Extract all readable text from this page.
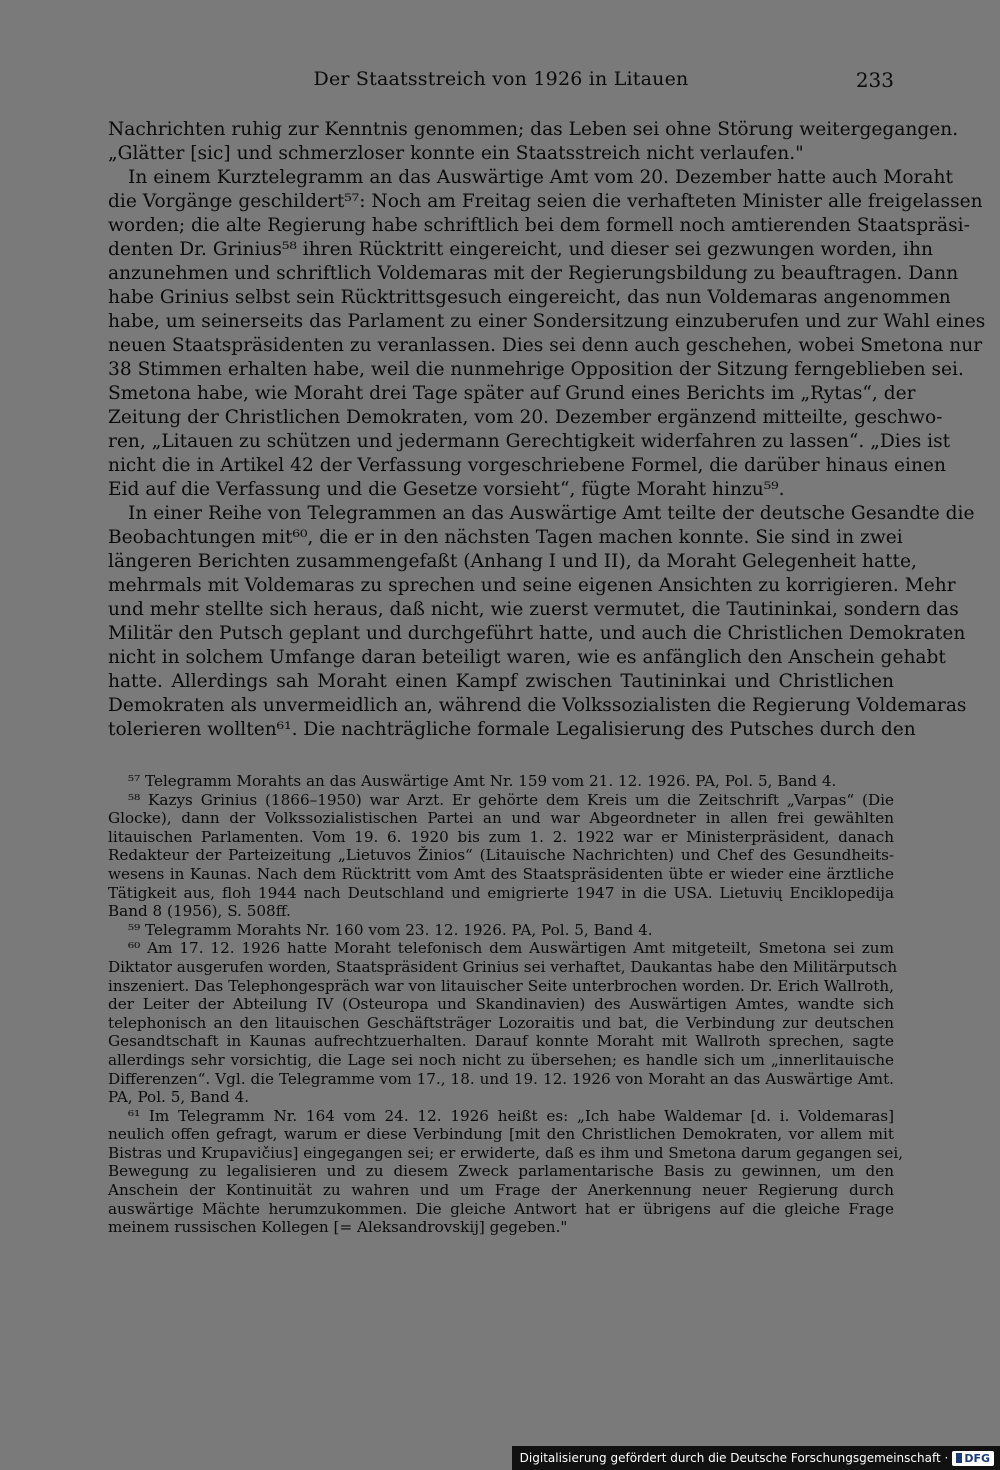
Der Staatsstreich von 1926 in Litauen	233
Nachrichten ruhig zur Kenntnis genommen; das Leben sei ohne Störung weitergegangen.
„Glätter [sic] und schmerzloser konnte ein Staatsstreich nicht verlaufen."
In einem Kurztelegramm an das Auswärtige Amt vom 20. Dezember hatte auch Moraht
die Vorgänge geschildert⁵⁷: Noch am Freitag seien die verhafteten Minister alle freigelassen
worden; die alte Regierung habe schriftlich bei dem formell noch amtierenden Staatspräsi-
denten Dr. Grinius⁵⁸ ihren Rücktritt eingereicht, und dieser sei gezwungen worden, ihn
anzunehmen und schriftlich Voldemaras mit der Regierungsbildung zu beauftragen. Dann
habe Grinius selbst sein Rücktrittsgesuch eingereicht, das nun Voldemaras angenommen
habe, um seinerseits das Parlament zu einer Sondersitzung einzuberufen und zur Wahl eines
neuen Staatspräsidenten zu veranlassen. Dies sei denn auch geschehen, wobei Smetona nur
38 Stimmen erhalten habe, weil die nunmehrige Opposition der Sitzung ferngeblieben sei.
Smetona habe, wie Moraht drei Tage später auf Grund eines Berichts im „Rytas“, der
Zeitung der Christlichen Demokraten, vom 20. Dezember ergänzend mitteilte, geschwo-
ren, „Litauen zu schützen und jedermann Gerechtigkeit widerfahren zu lassen“. „Dies ist
nicht die in Artikel 42 der Verfassung vorgeschriebene Formel, die darüber hinaus einen
Eid auf die Verfassung und die Gesetze vorsieht“, fügte Moraht hinzu⁵⁹.
In einer Reihe von Telegrammen an das Auswärtige Amt teilte der deutsche Gesandte die
Beobachtungen mit⁶⁰, die er in den nächsten Tagen machen konnte. Sie sind in zwei
längeren Berichten zusammengefaßt (Anhang I und II), da Moraht Gelegenheit hatte,
mehrmals mit Voldemaras zu sprechen und seine eigenen Ansichten zu korrigieren. Mehr
und mehr stellte sich heraus, daß nicht, wie zuerst vermutet, die Tautininkai, sondern das
Militär den Putsch geplant und durchgeführt hatte, und auch die Christlichen Demokraten
nicht in solchem Umfange daran beteiligt waren, wie es anfänglich den Anschein gehabt
hatte. Allerdings sah Moraht einen Kampf zwischen Tautininkai und Christlichen
Demokraten als unvermeidlich an, während die Volkssozialisten die Regierung Voldemaras
tolerieren wollten⁶¹. Die nachträgliche formale Legalisierung des Putsches durch den
⁵⁷ Telegramm Morahts an das Auswärtige Amt Nr. 159 vom 21. 12. 1926. PA, Pol. 5, Band 4.
⁵⁸ Kazys Grinius (1866–1950) war Arzt. Er gehörte dem Kreis um die Zeitschrift „Varpas“ (Die
Glocke), dann der Volkssozialistischen Partei an und war Abgeordneter in allen frei gewählten
litauischen Parlamenten. Vom 19. 6. 1920 bis zum 1. 2. 1922 war er Ministerpräsident, danach
Redakteur der Parteizeitung „Lietuvos Žinios“ (Litauische Nachrichten) und Chef des Gesundheits-
wesens in Kaunas. Nach dem Rücktritt vom Amt des Staatspräsidenten übte er wieder eine ärztliche
Tätigkeit aus, floh 1944 nach Deutschland und emigrierte 1947 in die USA. Lietuvių Enciklopedija
Band 8 (1956), S. 508ff.
⁵⁹ Telegramm Morahts Nr. 160 vom 23. 12. 1926. PA, Pol. 5, Band 4.
⁶⁰ Am 17. 12. 1926 hatte Moraht telefonisch dem Auswärtigen Amt mitgeteilt, Smetona sei zum
Diktator ausgerufen worden, Staatspräsident Grinius sei verhaftet, Daukantas habe den Militärputsch
inszeniert. Das Telephongespräch war von litauischer Seite unterbrochen worden. Dr. Erich Wallroth,
der Leiter der Abteilung IV (Osteuropa und Skandinavien) des Auswärtigen Amtes, wandte sich
telephonisch an den litauischen Geschäftsträger Lozoraitis und bat, die Verbindung zur deutschen
Gesandtschaft in Kaunas aufrechtzuerhalten. Darauf konnte Moraht mit Wallroth sprechen, sagte
allerdings sehr vorsichtig, die Lage sei noch nicht zu übersehen; es handle sich um „innerlitauische
Differenzen“. Vgl. die Telegramme vom 17., 18. und 19. 12. 1926 von Moraht an das Auswärtige Amt.
PA, Pol. 5, Band 4.
⁶¹ Im Telegramm Nr. 164 vom 24. 12. 1926 heißt es: „Ich habe Waldemar [d. i. Voldemaras]
neulich offen gefragt, warum er diese Verbindung [mit den Christlichen Demokraten, vor allem mit
Bistras und Krupavičius] eingegangen sei; er erwiderte, daß es ihm und Smetona darum gegangen sei,
Bewegung zu legalisieren und zu diesem Zweck parlamentarische Basis zu gewinnen, um den
Anschein der Kontinuität zu wahren und um Frage der Anerkennung neuer Regierung durch
auswärtige Mächte herumzukommen. Die gleiche Antwort hat er übrigens auf die gleiche Frage
meinem russischen Kollegen [= Aleksandrovskij] gegeben."
Digitalisierung gefördert durch die Deutsche Forschungsgemeinschaft · DFG
